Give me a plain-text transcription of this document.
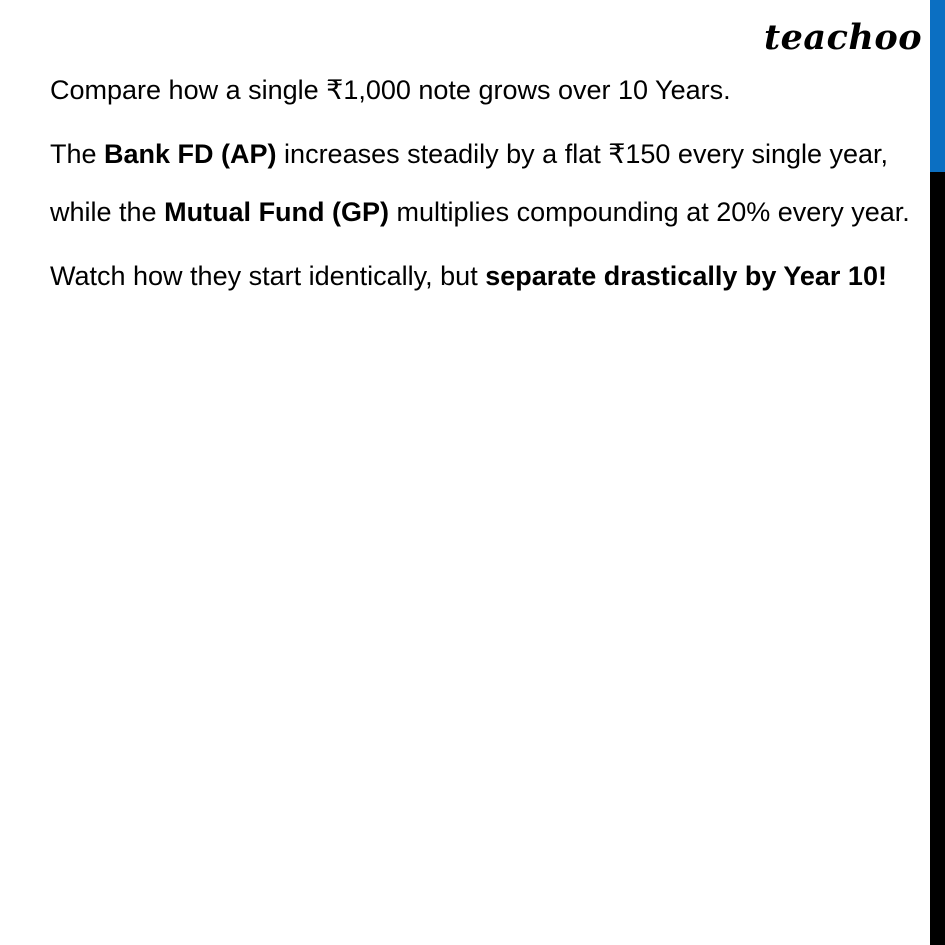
teachoo

Compare how a single ₹1,000 note grows over 10 Years.

The Bank FD (AP) increases steadily by a flat ₹150 every single year, while the Mutual Fund (GP) multiplies compounding at 20% every year.

Watch how they start identically, but separate drastically by Year 10!
